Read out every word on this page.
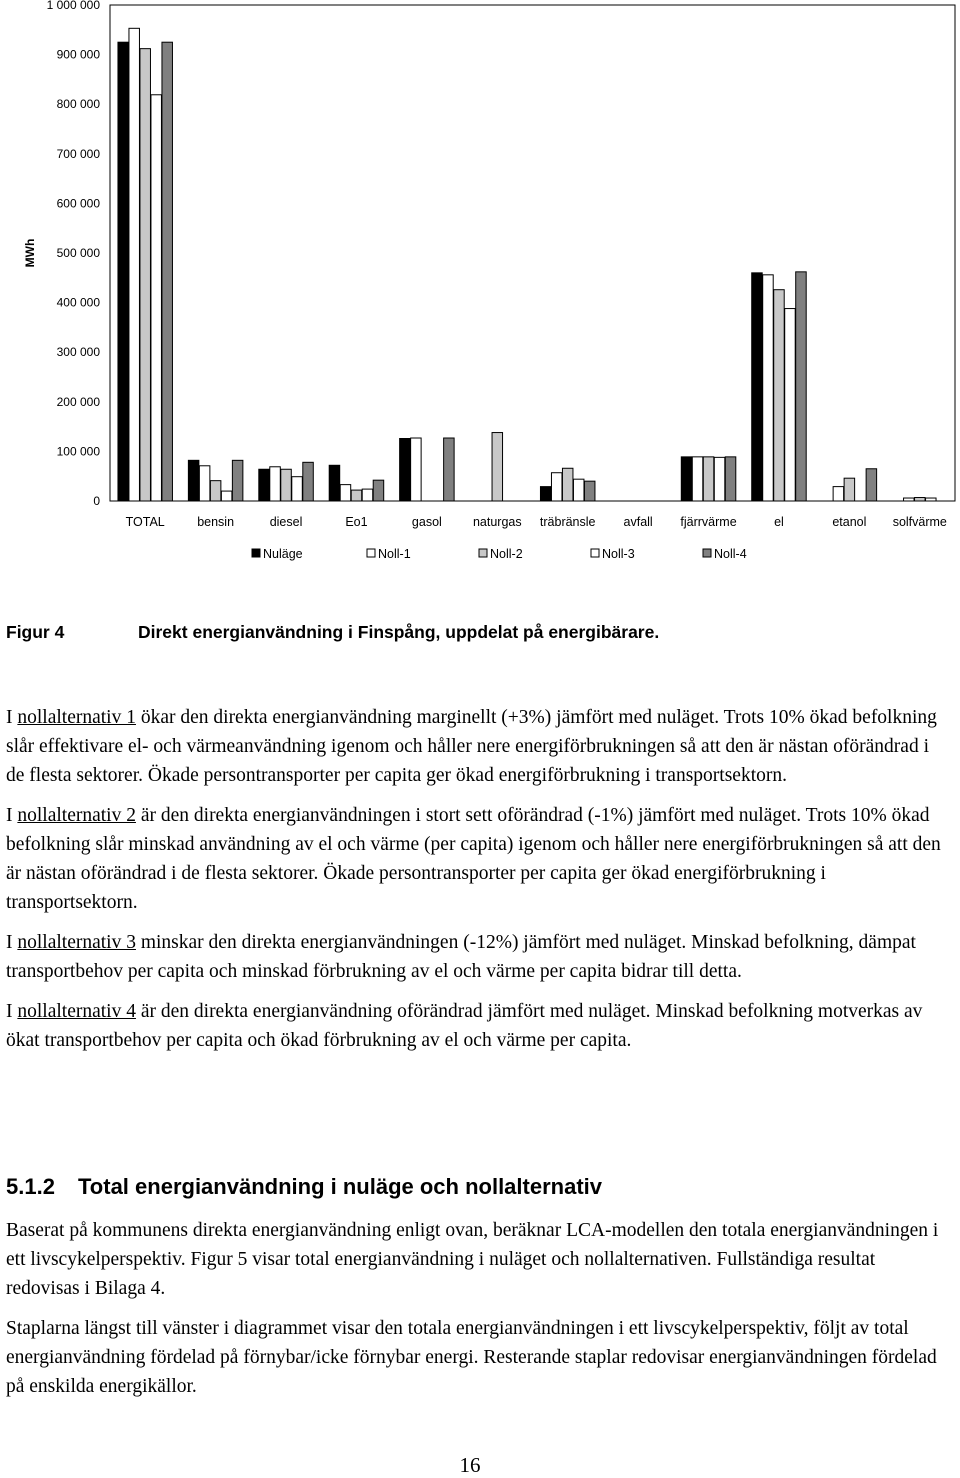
0
100 000
200 000
300 000
400 000
500 000
600 000
700 000
800 000
900 000
1 000 000
TOTAL	bensin	diesel	Eo1	gasol naturgas träbränsle avfall fjärrvärme	el	etanol solfvärme
Nuläge	Noll-1	Noll-2	Noll-3	Noll-4
MWh
Figur 4	Direkt energianvändning i Finspång, uppdelat på energibärare.

I nollalternativ 1 ökar den direkta energianvändning marginellt (+3%) jämfört med nuläget. Trots 10% ökad befolkning slår effektivare el- och värmeanvändning igenom och håller nere energiförbrukningen så att den är nästan oförändrad i de flesta sektorer. Ökade persontransporter per capita ger ökad energiförbrukning i transportsektorn.

I nollalternativ 2 är den direkta energianvändningen i stort sett oförändrad (-1%) jämfört med nuläget. Trots 10% ökad befolkning slår minskad användning av el och värme (per capita) igenom och håller nere energiförbrukningen så att den är nästan oförändrad i de flesta sektorer. Ökade persontransporter per capita ger ökad energiförbrukning i transportsektorn.

I nollalternativ 3 minskar den direkta energianvändningen (-12%) jämfört med nuläget. Minskad befolkning, dämpat transportbehov per capita och minskad förbrukning av el och värme per capita bidrar till detta.

I nollalternativ 4 är den direkta energianvändning oförändrad jämfört med nuläget. Minskad befolkning motverkas av ökat transportbehov per capita och ökad förbrukning av el och värme per capita.

5.1.2 Total energianvändning i nuläge och nollalternativ

Baserat på kommunens direkta energianvändning enligt ovan, beräknar LCA-modellen den totala energianvändningen i ett livscykelperspektiv. Figur 5 visar total energianvändning i nuläget och nollalternativen. Fullständiga resultat redovisas i Bilaga 4.

Staplarna längst till vänster i diagrammet visar den totala energianvändningen i ett livscykelperspektiv, följt av total energianvändning fördelad på förnybar/icke förnybar energi. Resterande staplar redovisar energianvändningen fördelad på enskilda energikällor.

16
